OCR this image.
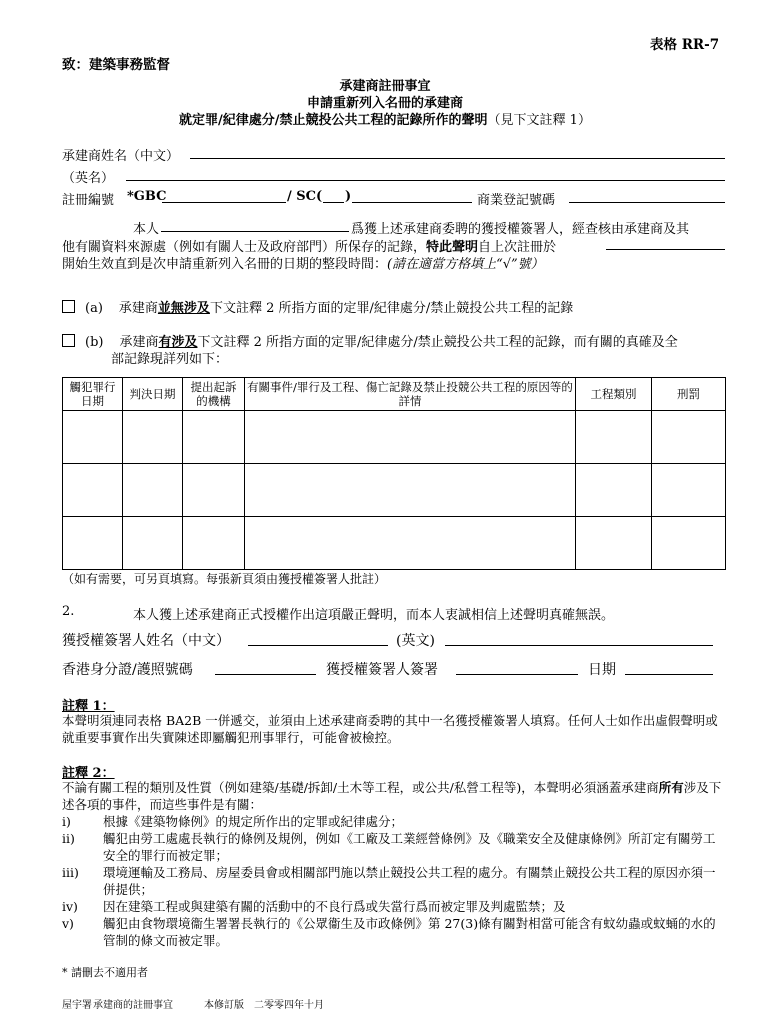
表格 RR-7
致：建築事務監督
承建商註冊事宜
申請重新列入名冊的承建商
就定罪/紀律處分/禁止競投公共工程的記錄所作的聲明（見下文註釋 1）
承建商姓名（中文）
（英名）
註冊編號 *GBC	/ SC( )	商業登記號碼
本人	爲獲上述承建商委聘的獲授權簽署人，經查核由承建商及其
他有關資料來源處（例如有關人士及政府部門）所保存的記錄，特此聲明自上次註冊於
開始生效直到是次申請重新列入名冊的日期的整段時間：(請在適當方格填上“√”號）
(a) 承建商並無涉及下文註釋 2 所指方面的定罪/紀律處分/禁止競投公共工程的記錄
(b) 承建商有涉及下文註釋 2 所指方面的定罪/紀律處分/禁止競投公共工程的記錄，而有關的真確及全
部記錄現詳列如下：
觸犯罪行日期	判決日期	提出起訴的機構	有關事件/罪行及工程、傷亡記錄及禁止投競公共工程的原因等的詳情	工程類別	刑罰

（如有需要，可另頁填寫。每張新頁須由獲授權簽署人批註）
2.	本人獲上述承建商正式授權作出這項嚴正聲明，而本人衷誠相信上述聲明真確無誤。
獲授權簽署人姓名（中文）	(英文)
香港身分證/護照號碼	獲授權簽署人簽署	日期
註釋 1：
本聲明須連同表格 BA2B 一併遞交，並須由上述承建商委聘的其中一名獲授權簽署人填寫。任何人士如作出虛假聲明或就重要事實作出失實陳述即屬觸犯刑事罪行，可能會被檢控。
註釋 2：
不論有關工程的類別及性質（例如建築/基礎/拆卸/土木等工程，或公共/私營工程等)，本聲明必須涵蓋承建商所有涉及下述各項的事件，而這些事件是有關：
i)	根據《建築物條例》的規定所作出的定罪或紀律處分；
ii) 觸犯由勞工處處長執行的條例及規例，例如《工廠及工業經營條例》及《職業安全及健康條例》所訂定有關勞工安全的罪行而被定罪；
iii) 環境運輸及工務局、房屋委員會或相關部門施以禁止競投公共工程的處分。有關禁止競投公共工程的原因亦須一併提供；
iv) 因在建築工程或與建築有關的活動中的不良行爲或失當行爲而被定罪及判處監禁；及
v) 觸犯由食物環境衞生署署長執行的《公眾衞生及市政條例》第 27(3)條有關對相當可能含有蚊幼蟲或蚊蛹的水的管制的條文而被定罪。
* 請刪去不適用者
屋宇署 承建商的註冊事宜	本修訂版　二零零四年十月
